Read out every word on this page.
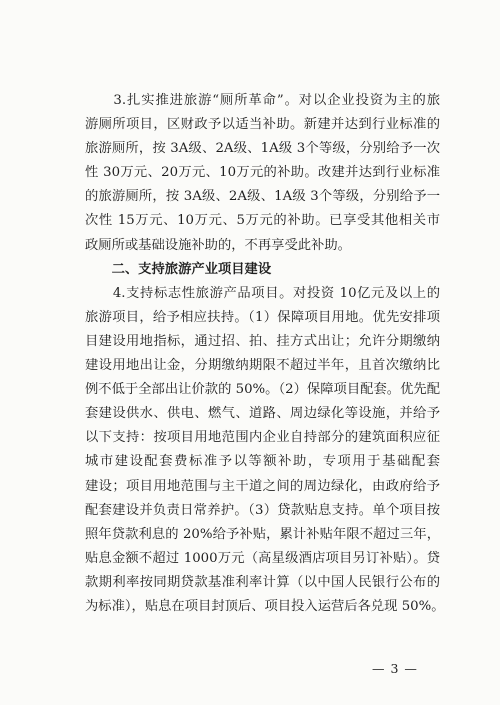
　　3.扎实推进旅游“厕所革命”。对以企业投资为主的旅
游厕所项目，区财政予以适当补助。新建并达到行业标准的
旅游厕所，按 3A级、2A级、1A级 3个等级，分别给予一次
性 30万元、20万元、10万元的补助。改建并达到行业标准
的旅游厕所，按 3A级、2A级、1A级 3个等级，分别给予一
次性 15万元、10万元、5万元的补助。已享受其他相关市
政厕所或基础设施补助的，不再享受此补助。
　　二、支持旅游产业项目建设
　　4.支持标志性旅游产品项目。对投资 10亿元及以上的
旅游项目，给予相应扶持。（1）保障项目用地。优先安排项
目建设用地指标，通过招、拍、挂方式出让；允许分期缴纳
建设用地出让金，分期缴纳期限不超过半年，且首次缴纳比
例不低于全部出让价款的 50%。（2）保障项目配套。优先配
套建设供水、供电、燃气、道路、周边绿化等设施，并给予
以下支持：按项目用地范围内企业自持部分的建筑面积应征
城市建设配套费标准予以等额补助，专项用于基础配套
建设；项目用地范围与主干道之间的周边绿化，由政府给予
配套建设并负责日常养护。（3）贷款贴息支持。单个项目按
照年贷款利息的 20%给予补贴，累计补贴年限不超过三年，
贴息金额不超过 1000万元（高星级酒店项目另订补贴）。贷
款期利率按同期贷款基准利率计算（以中国人民银行公布的
为标准），贴息在项目封顶后、项目投入运营后各兑现 50%。
— 3 —
